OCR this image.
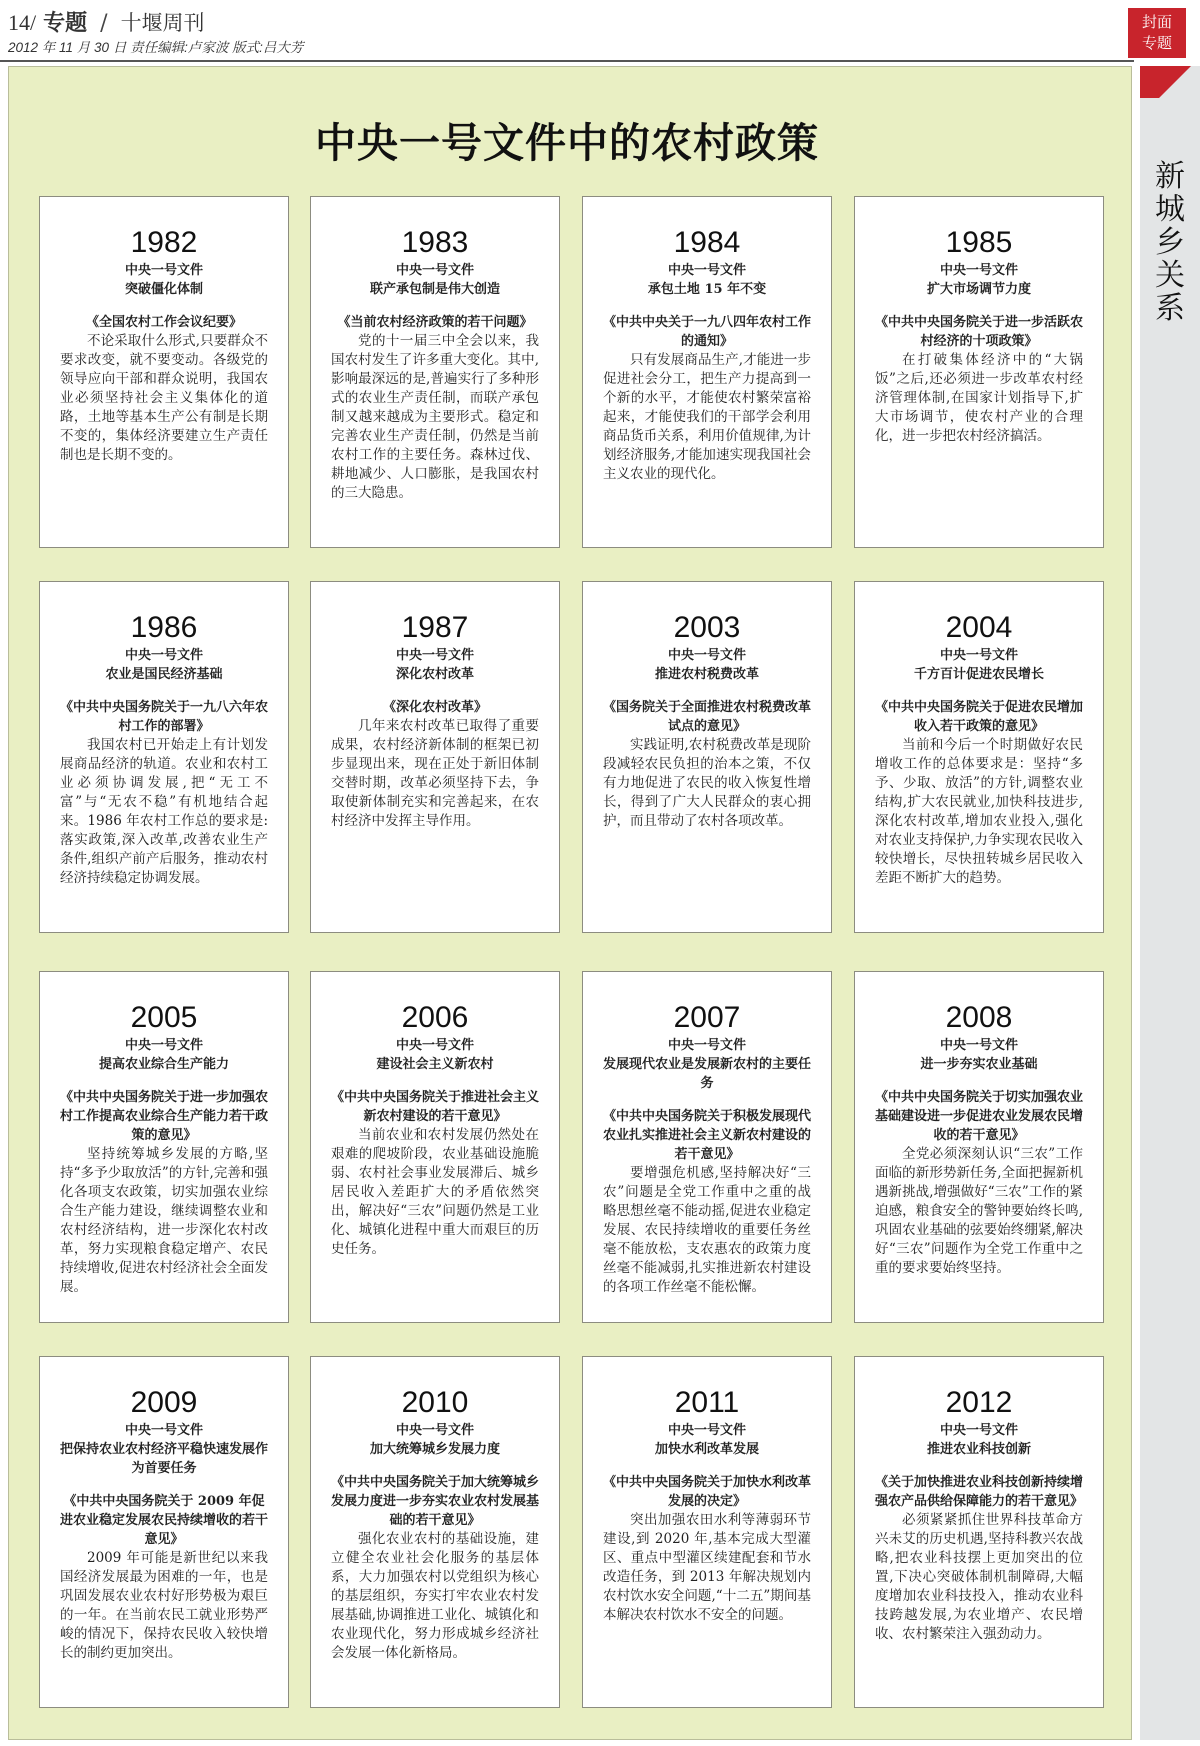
14/ 专题 / 十堰周刊
2012 年 11 月 30 日 责任编辑:卢家波 版式:吕大芳
封面
专题
新
城
乡
关
系
中央一号文件中的农村政策
1982
中央一号文件
突破僵化体制
《全国农村工作会议纪要》
不论采取什么形式,只要群众不要求改变，就不要变动。各级党的领导应向干部和群众说明，我国农业必须坚持社会主义集体化的道路，土地等基本生产公有制是长期不变的，集体经济要建立生产责任制也是长期不变的。
1983
中央一号文件
联产承包制是伟大创造
《当前农村经济政策的若干问题》
党的十一届三中全会以来，我国农村发生了许多重大变化。其中,影响最深远的是,普遍实行了多种形式的农业生产责任制，而联产承包制又越来越成为主要形式。稳定和完善农业生产责任制，仍然是当前农村工作的主要任务。森林过伐、耕地减少、人口膨胀，是我国农村的三大隐患。
1984
中央一号文件
承包土地 15 年不变
《中共中央关于一九八四年农村工作的通知》
只有发展商品生产,才能进一步促进社会分工，把生产力提高到一个新的水平，才能使农村繁荣富裕起来，才能使我们的干部学会利用商品货币关系，利用价值规律,为计划经济服务,才能加速实现我国社会主义农业的现代化。
1985
中央一号文件
扩大市场调节力度
《中共中央国务院关于进一步活跃农村经济的十项政策》
在打破集体经济中的“大锅饭”之后,还必须进一步改革农村经济管理体制,在国家计划指导下,扩大市场调节，使农村产业的合理化，进一步把农村经济搞活。
1986
中央一号文件
农业是国民经济基础
《中共中央国务院关于一九八六年农村工作的部署》
我国农村已开始走上有计划发展商品经济的轨道。农业和农村工业必须协调发展,把“无工不富”与“无农不稳”有机地结合起来。1986 年农村工作总的要求是:落实政策,深入改革,改善农业生产条件,组织产前产后服务，推动农村经济持续稳定协调发展。
1987
中央一号文件
深化农村改革
《深化农村改革》
几年来农村改革已取得了重要成果，农村经济新体制的框架已初步显现出来，现在正处于新旧体制交替时期，改革必须坚持下去，争取使新体制充实和完善起来，在农村经济中发挥主导作用。
2003
中央一号文件
推进农村税费改革
《国务院关于全面推进农村税费改革试点的意见》
实践证明,农村税费改革是现阶段减轻农民负担的治本之策，不仅有力地促进了农民的收入恢复性增长，得到了广大人民群众的衷心拥护，而且带动了农村各项改革。
2004
中央一号文件
千方百计促进农民增长
《中共中央国务院关于促进农民增加收入若干政策的意见》
当前和今后一个时期做好农民增收工作的总体要求是：坚持“多予、少取、放活”的方针,调整农业结构,扩大农民就业,加快科技进步,深化农村改革,增加农业投入,强化对农业支持保护,力争实现农民收入较快增长，尽快扭转城乡居民收入差距不断扩大的趋势。
2005
中央一号文件
提高农业综合生产能力
《中共中央国务院关于进一步加强农村工作提高农业综合生产能力若干政策的意见》
坚持统筹城乡发展的方略,坚持“多予少取放活”的方针,完善和强化各项支农政策，切实加强农业综合生产能力建设，继续调整农业和农村经济结构，进一步深化农村改革，努力实现粮食稳定增产、农民持续增收,促进农村经济社会全面发展。
2006
中央一号文件
建设社会主义新农村
《中共中央国务院关于推进社会主义新农村建设的若干意见》
当前农业和农村发展仍然处在艰难的爬坡阶段，农业基础设施脆弱、农村社会事业发展滞后、城乡居民收入差距扩大的矛盾依然突出，解决好“三农”问题仍然是工业化、城镇化进程中重大而艰巨的历史任务。
2007
中央一号文件
发展现代农业是发展新农村的主要任务
《中共中央国务院关于积极发展现代农业扎实推进社会主义新农村建设的若干意见》
要增强危机感,坚持解决好“三农”问题是全党工作重中之重的战略思想丝毫不能动摇,促进农业稳定发展、农民持续增收的重要任务丝毫不能放松，支农惠农的政策力度丝毫不能减弱,扎实推进新农村建设的各项工作丝毫不能松懈。
2008
中央一号文件
进一步夯实农业基础
《中共中央国务院关于切实加强农业基础建设进一步促进农业发展农民增收的若干意见》
全党必须深刻认识“三农”工作面临的新形势新任务,全面把握新机遇新挑战,增强做好“三农”工作的紧迫感，粮食安全的警钟要始终长鸣,巩固农业基础的弦要始终绷紧,解决好“三农”问题作为全党工作重中之重的要求要始终坚持。
2009
中央一号文件
把保持农业农村经济平稳快速发展作为首要任务
《中共中央国务院关于 2009 年促进农业稳定发展农民持续增收的若干意见》
2009 年可能是新世纪以来我国经济发展最为困难的一年，也是巩固发展农业农村好形势极为艰巨的一年。在当前农民工就业形势严峻的情况下，保持农民收入较快增长的制约更加突出。
2010
中央一号文件
加大统筹城乡发展力度
《中共中央国务院关于加大统筹城乡发展力度进一步夯实农业农村发展基础的若干意见》
强化农业农村的基础设施，建立健全农业社会化服务的基层体系，大力加强农村以党组织为核心的基层组织，夯实打牢农业农村发展基础,协调推进工业化、城镇化和农业现代化，努力形成城乡经济社会发展一体化新格局。
2011
中央一号文件
加快水利改革发展
《中共中央国务院关于加快水利改革发展的决定》
突出加强农田水利等薄弱环节建设,到 2020 年,基本完成大型灌区、重点中型灌区续建配套和节水改造任务，到 2013 年解决规划内农村饮水安全问题,“十二五”期间基本解决农村饮水不安全的问题。
2012
中央一号文件
推进农业科技创新
《关于加快推进农业科技创新持续增强农产品供给保障能力的若干意见》
必须紧紧抓住世界科技革命方兴未艾的历史机遇,坚持科教兴农战略,把农业科技摆上更加突出的位置,下决心突破体制机制障碍,大幅度增加农业科技投入，推动农业科技跨越发展,为农业增产、农民增收、农村繁荣注入强劲动力。
